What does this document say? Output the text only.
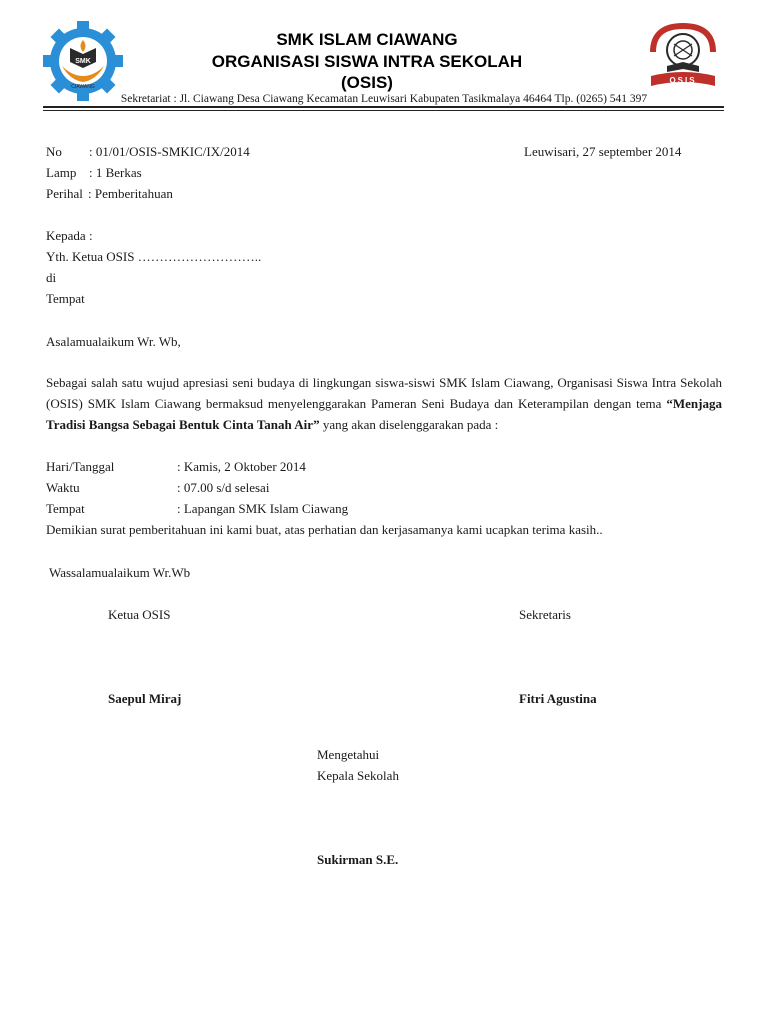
SMK
CIAWANG
SMK ISLAM CIAWANG
ORGANISASI SISWA INTRA SEKOLAH
(OSIS)	OSIS
Sekretariat : Jl. Ciawang Desa Ciawang Kecamatan Leuwisari Kabupaten Tasikmalaya 46464 Tlp. (0265) 541 397
No : 01/01/OSIS-SMKIC/IX/2014	Leuwisari, 27 september 2014
Lamp : 1 Berkas
Perihal : Pemberitahuan
Kepada :
Yth. Ketua OSIS ………………………..
di
Tempat
Asalamualaikum Wr. Wb,
Sebagai salah satu wujud apresiasi seni budaya di lingkungan siswa-siswi SMK Islam Ciawang, Organisasi Siswa Intra Sekolah (OSIS) SMK Islam Ciawang bermaksud menyelenggarakan Pameran Seni Budaya dan Keterampilan dengan tema “Menjaga Tradisi Bangsa Sebagai Bentuk Cinta Tanah Air” yang akan diselenggarakan pada :
Hari/Tanggal	: Kamis, 2 Oktober 2014
Waktu	: 07.00 s/d selesai
Tempat	: Lapangan SMK Islam Ciawang
Demikian surat pemberitahuan ini kami buat, atas perhatian dan kerjasamanya kami ucapkan terima kasih..
Wassalamualaikum Wr.Wb
Ketua OSIS	Sekretaris
Saepul Miraj	Fitri Agustina
Mengetahui
Kepala Sekolah
Sukirman S.E.
